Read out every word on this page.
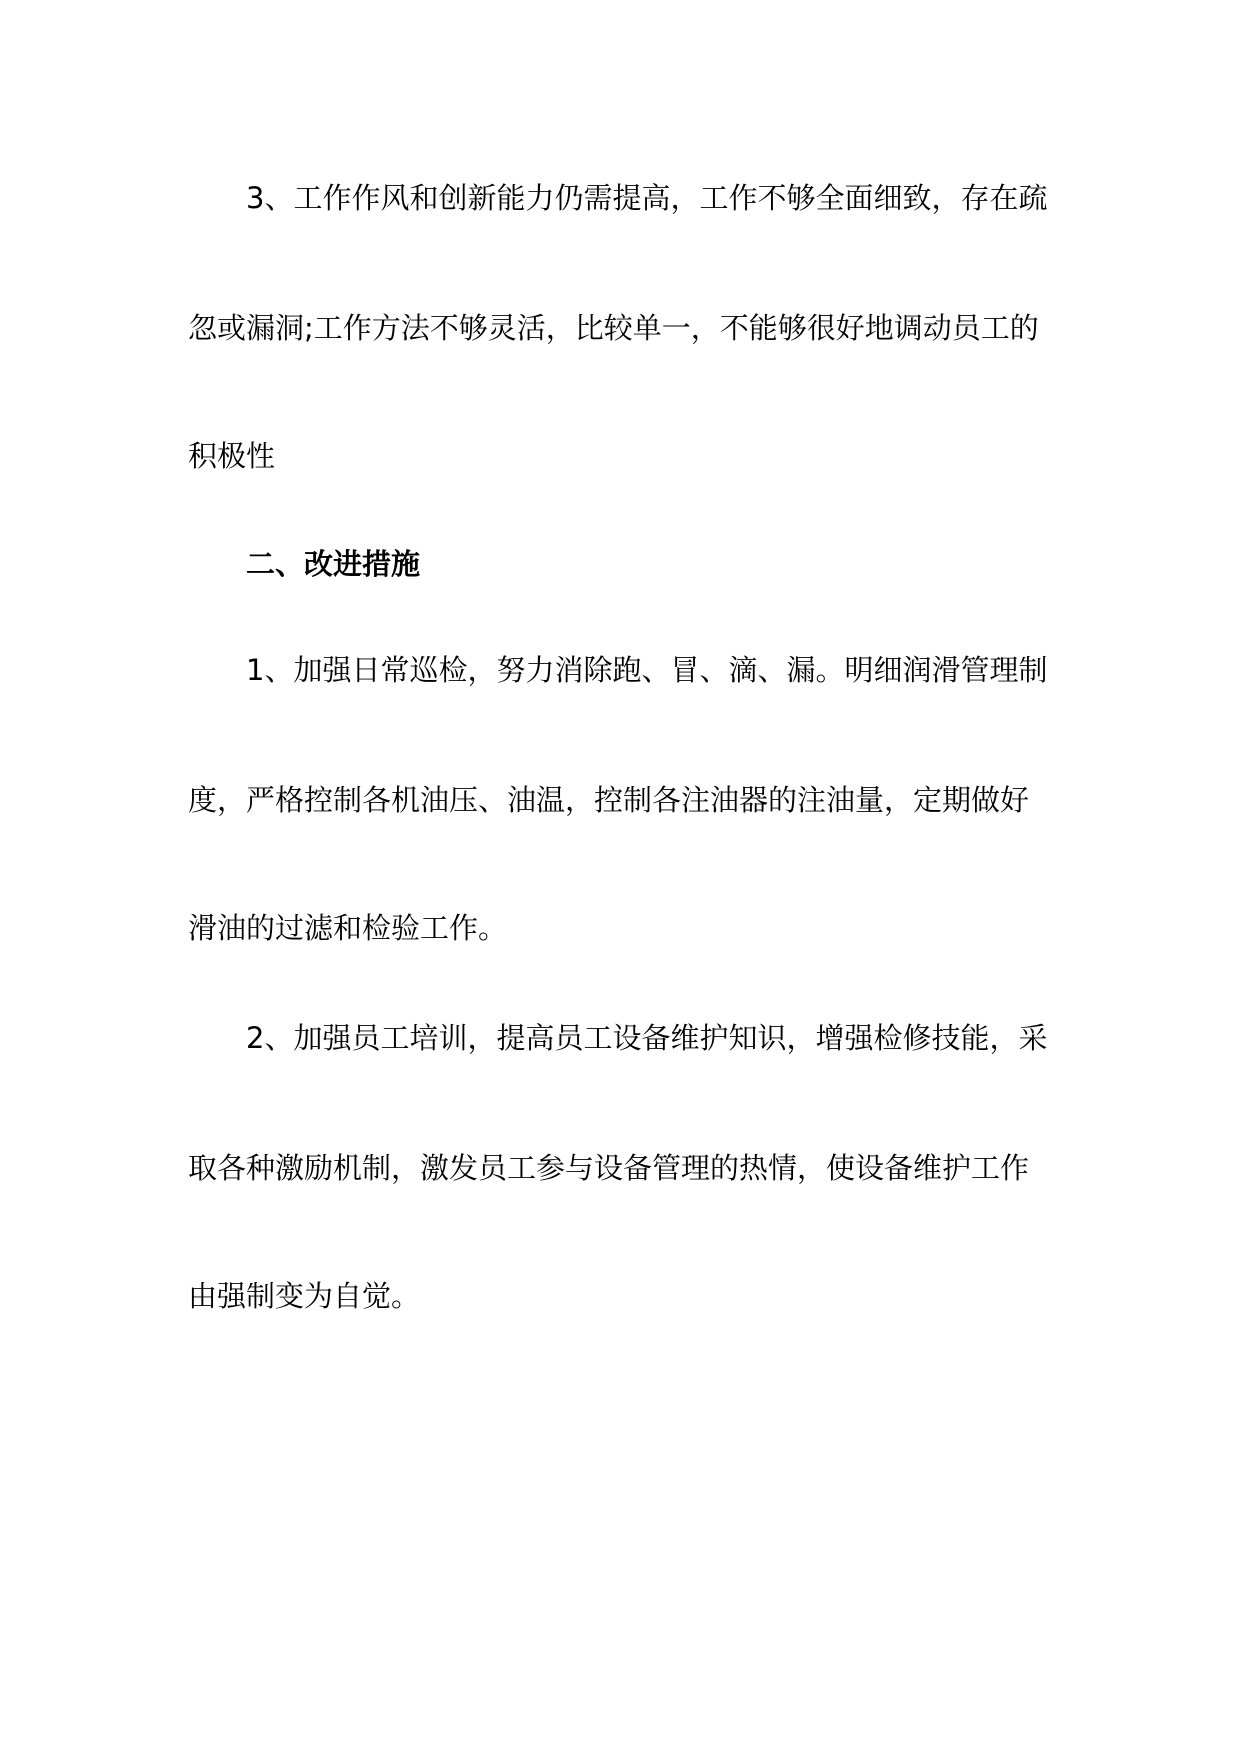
3、工作作风和创新能力仍需提高，工作不够全面细致，存在疏
忽或漏洞;工作方法不够灵活，比较单一，不能够很好地调动员工的
积极性
二、改进措施
1、加强日常巡检，努力消除跑、冒、滴、漏。明细润滑管理制
度，严格控制各机油压、油温，控制各注油器的注油量，定期做好
滑油的过滤和检验工作。
2、加强员工培训，提高员工设备维护知识，增强检修技能，采
取各种激励机制，激发员工参与设备管理的热情，使设备维护工作
由强制变为自觉。
